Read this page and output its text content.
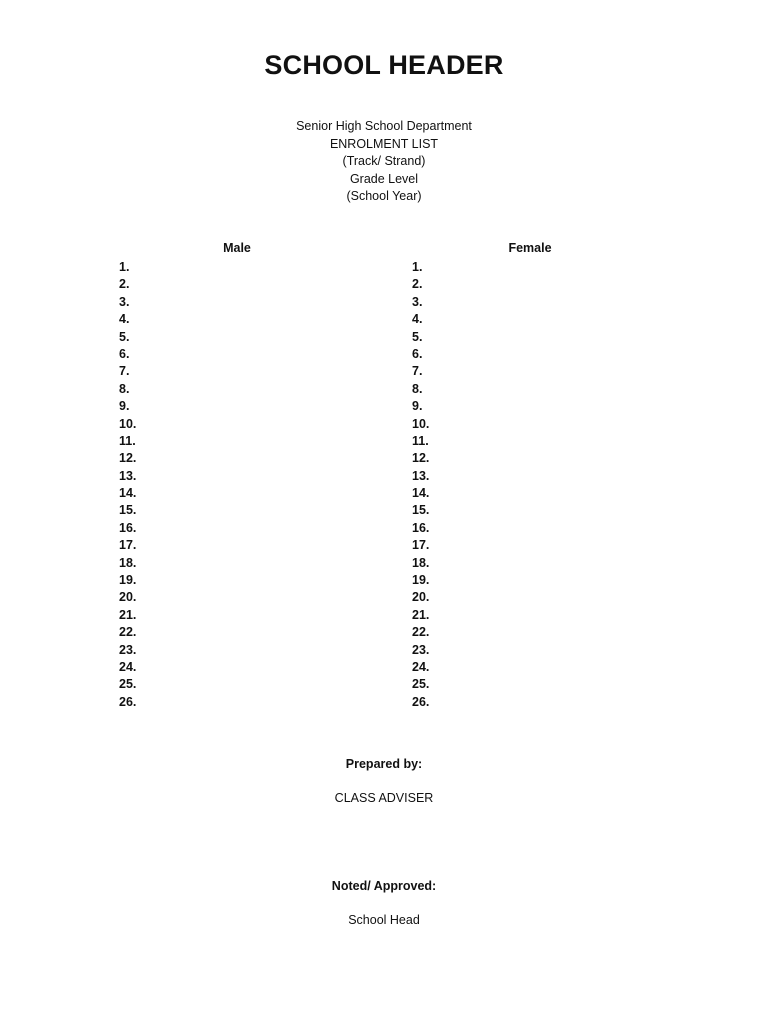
SCHOOL HEADER
Senior High School Department
ENROLMENT LIST
(Track/ Strand)
Grade Level
(School Year)
Male	Female
1.
2.
3.
4.
5.
6.
7.
8.
9.
10.
11.
12.
13.
14.
15.
16.
17.
18.
19.
20.
21.
22.
23.
24.
25.
26.
1.
2.
3.
4.
5.
6.
7.
8.
9.
10.
11.
12.
13.
14.
15.
16.
17.
18.
19.
20.
21.
22.
23.
24.
25.
26.
Prepared by:
CLASS ADVISER
Noted/ Approved:
School Head
